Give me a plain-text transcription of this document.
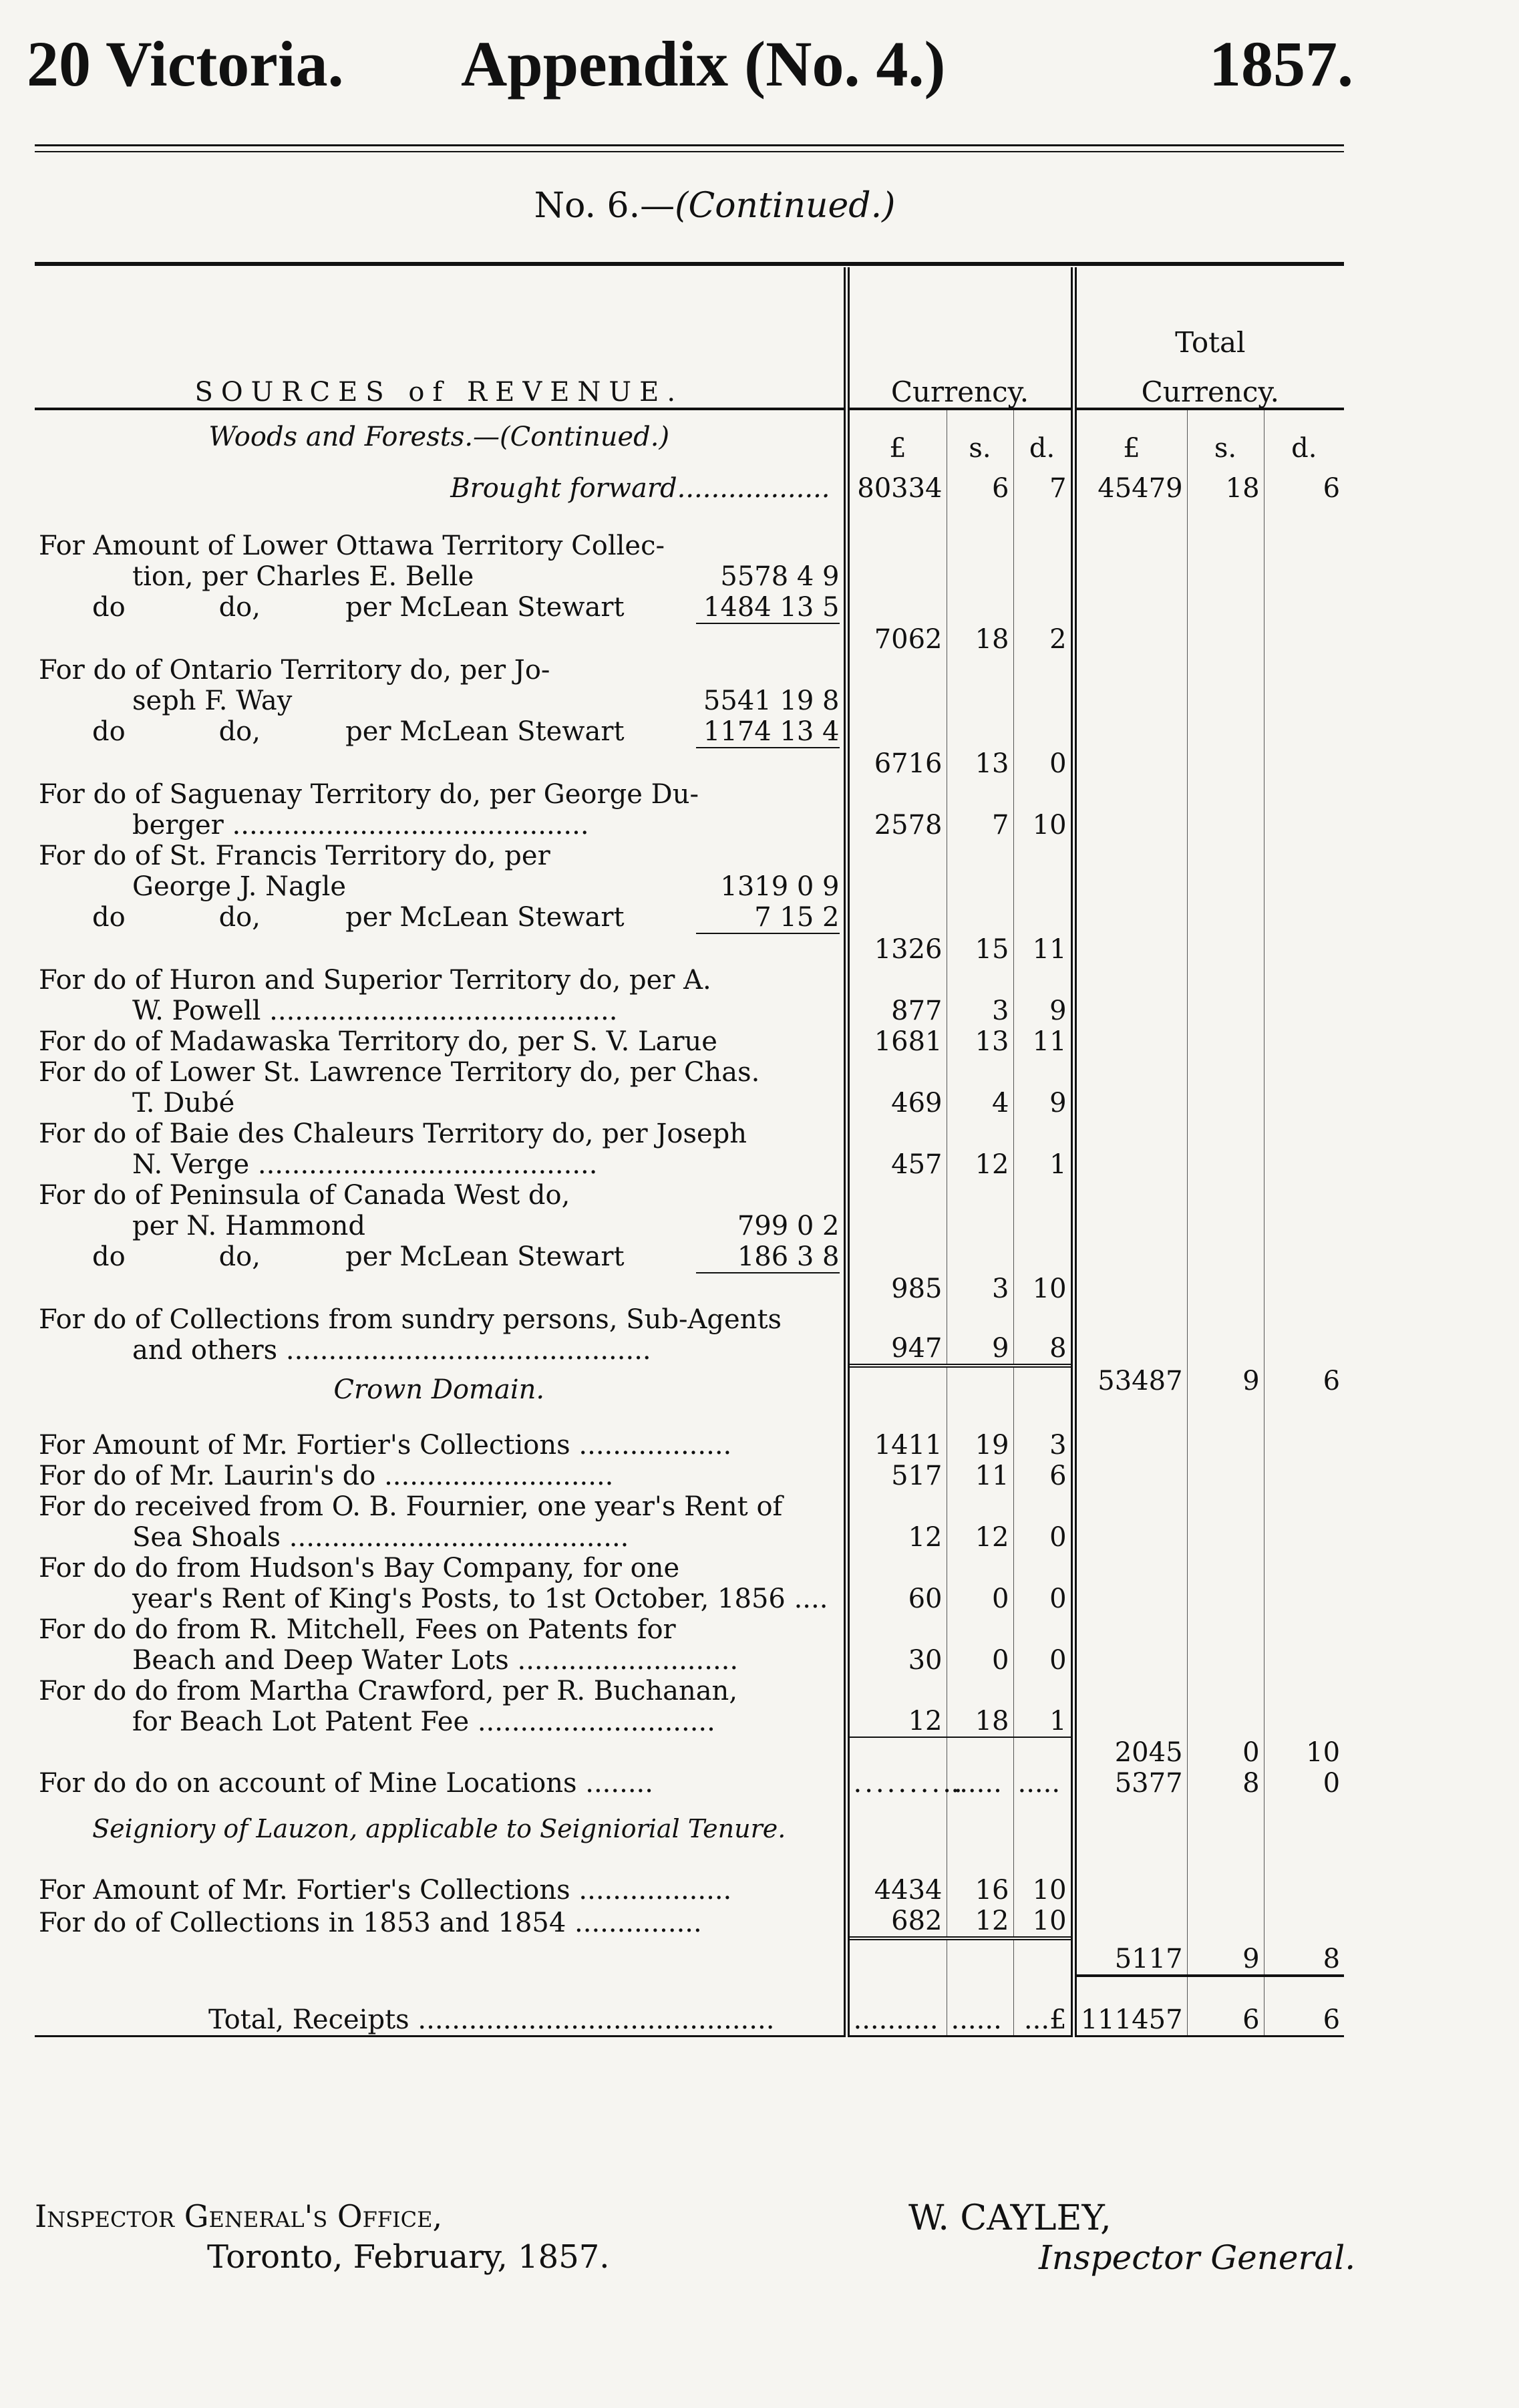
20 Victoria. Appendix (No. 4.)	1857.
No. 6.—(Continued.)
SOURCES of REVENUE.	Currency.			Total
Currency.		

Woods and Forests.—(Continued.)	£	s.	d.	£	s.	d.
Brought forward..................	80334	6	7	45479	18	6

For Amount of Lower Ottawa Territory Collec-
tion, per Charles E. Belle 5578 4 9
do do, per McLean Stewart 1484 13 5	7062	18	2			

For do of Ontario Territory do, per Jo-
seph F. Way 5541 19 8
do do, per McLean Stewart 1174 13 4	6716	13	0			

For do of Saguenay Territory do, per George Du-
berger ..........................................	2578	7	10			

For do of St. Francis Territory do, per
George J. Nagle 1319 0 9
do do, per McLean Stewart 7 15 2	1326	15	11			

For do of Huron and Superior Territory do, per A.
W. Powell .........................................	877	3	9			
For do of Madawaska Territory do, per S. V. Larue	1681	13	11			

For do of Lower St. Lawrence Territory do, per Chas.
T. Dubé	469	4	9			

For do of Baie des Chaleurs Territory do, per Joseph
N. Verge ........................................	457	12	1			

For do of Peninsula of Canada West do,
per N. Hammond 799 0 2
do do, per McLean Stewart 186 3 8	985	3	10			

For do of Collections from sundry persons, Sub-Agents
and others ...........................................	947	9	8			
Crown Domain.				53487	9	6
For Amount of Mr. Fortier's Collections ..................	1411	19	3			
For do of Mr. Laurin's do ...........................	517	11	6			

For do received from O. B. Fournier, one year's Rent of
Sea Shoals ........................................	12	12	0			

For do do from Hudson's Bay Company, for one
year's Rent of King's Posts, to 1st October, 1856 ....	60	0	0			

For do do from R. Mitchell, Fees on Patents for
Beach and Deep Water Lots ..........................	30	0	0			

For do do from Martha Crawford, per R. Buchanan,
for Beach Lot Patent Fee ............................	12	18	1			
				2045	0	10
For do do on account of Mine Locations ........	..........	......	.....	5377	8	0
Seigniory of Lauzon, applicable to Seigniorial Tenure.						
For Amount of Mr. Fortier's Collections ..................	4434	16	10			
For do of Collections in 1853 and 1854 ...............	682	12	10			
				5117	9	8
Total, Receipts ..........................................	..........	......	...£	111457	6	6
Inspector General's Office,
Toronto, February, 1857.
W. CAYLEY,
Inspector General.
